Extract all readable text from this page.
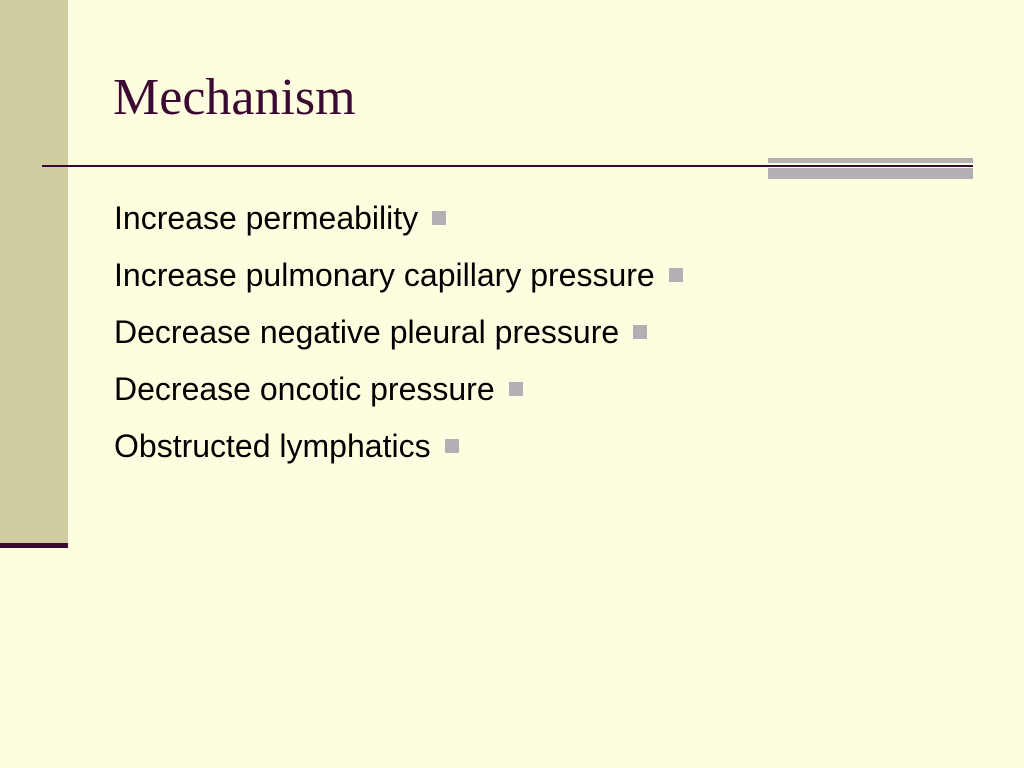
Mechanism
Increase permeability
Increase pulmonary capillary pressure
Decrease negative pleural pressure
Decrease oncotic pressure
Obstructed lymphatics
